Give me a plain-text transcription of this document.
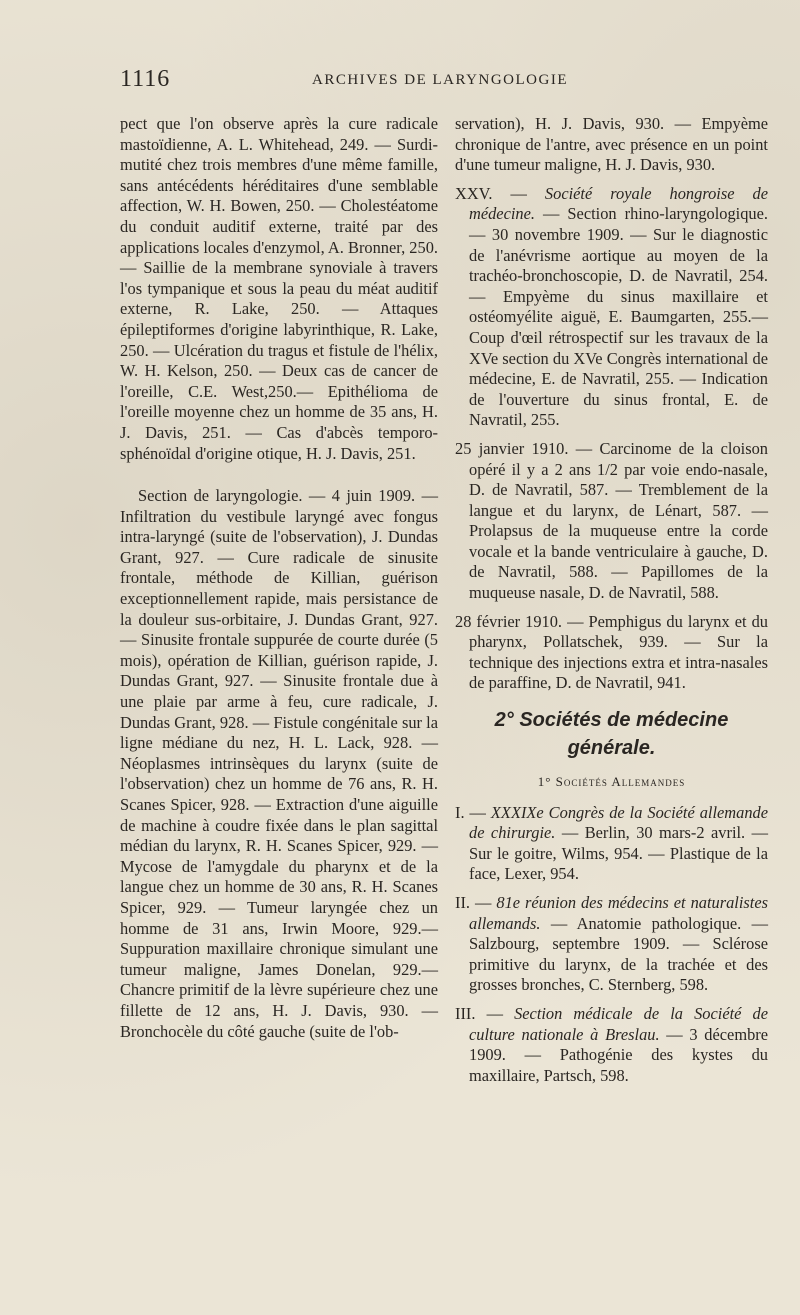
1116	ARCHIVES DE LARYNGOLOGIE

pect que l'on observe après la cure radicale mastoïdienne, A. L. Whitehead, 249. — Surdi-mutité chez trois membres d'une même famille, sans antécédents héréditaires d'une semblable affection, W. H. Bowen, 250. — Cholestéatome du conduit auditif externe, traité par des applications locales d'enzymol, A. Bronner, 250. — Saillie de la membrane synoviale à travers l'os tympanique et sous la peau du méat auditif externe, R. Lake, 250. — Attaques épileptiformes d'origine labyrinthique, R. Lake, 250. — Ulcération du tragus et fistule de l'hélix, W. H. Kelson, 250. — Deux cas de cancer de l'oreille, C.E. West,250.— Epithélioma de l'oreille moyenne chez un homme de 35 ans, H. J. Davis, 251. — Cas d'abcès temporo-sphénoïdal d'origine otique, H. J. Davis, 251.

Section de laryngologie. — 4 juin 1909. — Infiltration du vestibule laryngé avec fongus intra-laryngé (suite de l'observation), J. Dundas Grant, 927. — Cure radicale de sinusite frontale, méthode de Killian, guérison exceptionnellement rapide, mais persistance de la douleur sus-orbitaire, J. Dundas Grant, 927. — Sinusite frontale suppurée de courte durée (5 mois), opération de Killian, guérison rapide, J. Dundas Grant, 927. — Sinusite frontale due à une plaie par arme à feu, cure radicale, J. Dundas Grant, 928. — Fistule congénitale sur la ligne médiane du nez, H. L. Lack, 928. — Néoplasmes intrinsèques du larynx (suite de l'observation) chez un homme de 76 ans, R. H. Scanes Spicer, 928. — Extraction d'une aiguille de machine à coudre fixée dans le plan sagittal médian du larynx, R. H. Scanes Spicer, 929. — Mycose de l'amygdale du pharynx et de la langue chez un homme de 30 ans, R. H. Scanes Spicer, 929. — Tumeur laryngée chez un homme de 31 ans, Irwin Moore, 929.— Suppuration maxillaire chronique simulant une tumeur maligne, James Donelan, 929.— Chancre primitif de la lèvre supérieure chez une fillette de 12 ans, H. J. Davis, 930. — Bronchocèle du côté gauche (suite de l'ob-

servation), H. J. Davis, 930. — Empyème chronique de l'antre, avec présence en un point d'une tumeur maligne, H. J. Davis, 930.

XXV. — Société royale hongroise de médecine. — Section rhino-laryngologique. — 30 novembre 1909. — Sur le diagnostic de l'anévrisme aortique au moyen de la trachéo-bronchoscopie, D. de Navratil, 254. — Empyème du sinus maxillaire et ostéomyélite aiguë, E. Baumgarten, 255.—Coup d'œil rétrospectif sur les travaux de la XVe section du XVe Congrès international de médecine, E. de Navratil, 255. — Indication de l'ouverture du sinus frontal, E. de Navratil, 255.

25 janvier 1910. — Carcinome de la cloison opéré il y a 2 ans 1/2 par voie endo-nasale, D. de Navratil, 587. — Tremblement de la langue et du larynx, de Lénart, 587. — Prolapsus de la muqueuse entre la corde vocale et la bande ventriculaire à gauche, D. de Navratil, 588. — Papillomes de la muqueuse nasale, D. de Navratil, 588.

28 février 1910. — Pemphigus du larynx et du pharynx, Pollatschek, 939. — Sur la technique des injections extra et intra-nasales de paraffine, D. de Navratil, 941.

2° Sociétés de médecine générale.
1° Sociétés Allemandes

I. — XXXIXe Congrès de la Société allemande de chirurgie. — Berlin, 30 mars-2 avril. — Sur le goitre, Wilms, 954. — Plastique de la face, Lexer, 954.

II. — 81e réunion des médecins et naturalistes allemands. — Anatomie pathologique. — Salzbourg, septembre 1909. — Sclérose primitive du larynx, de la trachée et des grosses bronches, C. Sternberg, 598.

III. — Section médicale de la Société de culture nationale à Breslau. — 3 décembre 1909. — Pathogénie des kystes du maxillaire, Partsch, 598.
